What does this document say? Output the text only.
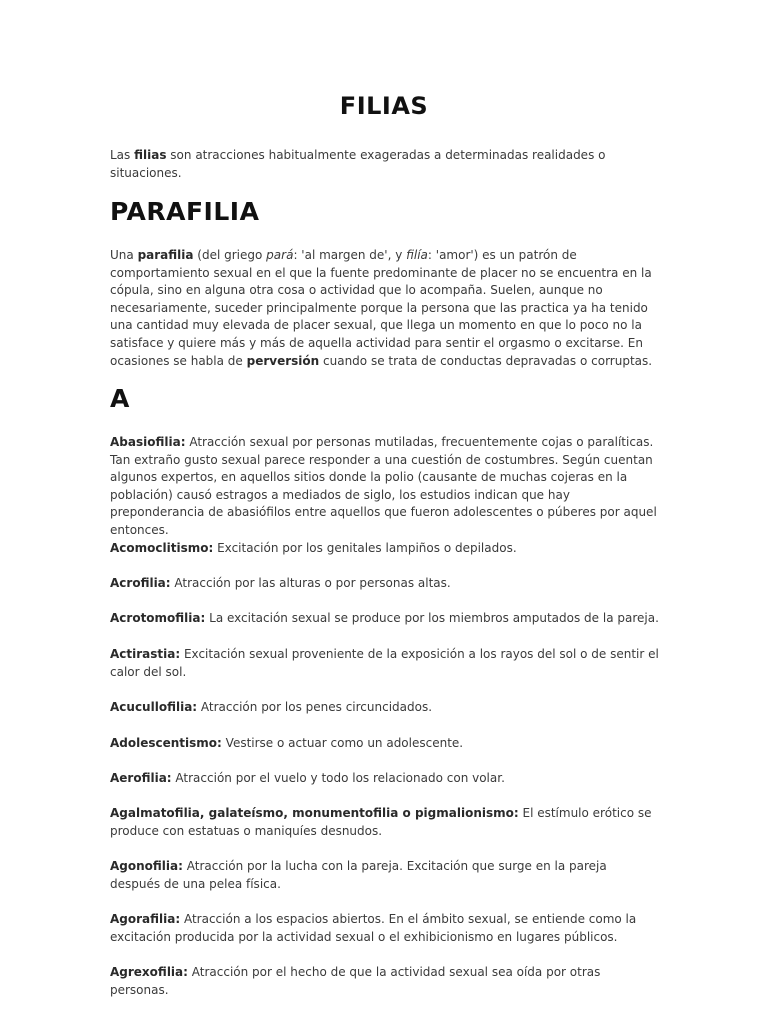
FILIAS

Las filias son atracciones habitualmente exageradas a determinadas realidades o situaciones.

PARAFILIA

Una parafilia (del griego pará: 'al margen de', y filía: 'amor') es un patrón de comportamiento sexual en el que la fuente predominante de placer no se encuentra en la cópula, sino en alguna otra cosa o actividad que lo acompaña. Suelen, aunque no necesariamente, suceder principalmente porque la persona que las practica ya ha tenido una cantidad muy elevada de placer sexual, que llega un momento en que lo poco no la satisface y quiere más y más de aquella actividad para sentir el orgasmo o excitarse. En ocasiones se habla de perversión cuando se trata de conductas depravadas o corruptas.

A

Abasiofilia: Atracción sexual por personas mutiladas, frecuentemente cojas o paralíticas. Tan extraño gusto sexual parece responder a una cuestión de costumbres. Según cuentan algunos expertos, en aquellos sitios donde la polio (causante de muchas cojeras en la población) causó estragos a mediados de siglo, los estudios indican que hay preponderancia de abasiófilos entre aquellos que fueron adolescentes o púberes por aquel entonces.

Acomoclitismo: Excitación por los genitales lampiños o depilados.

Acrofilia: Atracción por las alturas o por personas altas.

Acrotomofilia: La excitación sexual se produce por los miembros amputados de la pareja.

Actirastia: Excitación sexual proveniente de la exposición a los rayos del sol o de sentir el calor del sol.

Acucullofilia: Atracción por los penes circuncidados.

Adolescentismo: Vestirse o actuar como un adolescente.

Aerofilia: Atracción por el vuelo y todo los relacionado con volar.

Agalmatofilia, galateísmo, monumentofilia o pigmalionismo: El estímulo erótico se produce con estatuas o maniquíes desnudos.

Agonofilia: Atracción por la lucha con la pareja. Excitación que surge en la pareja después de una pelea física.

Agorafilia: Atracción a los espacios abiertos. En el ámbito sexual, se entiende como la excitación producida por la actividad sexual o el exhibicionismo en lugares públicos.

Agrexofilia: Atracción por el hecho de que la actividad sexual sea oída por otras personas.
